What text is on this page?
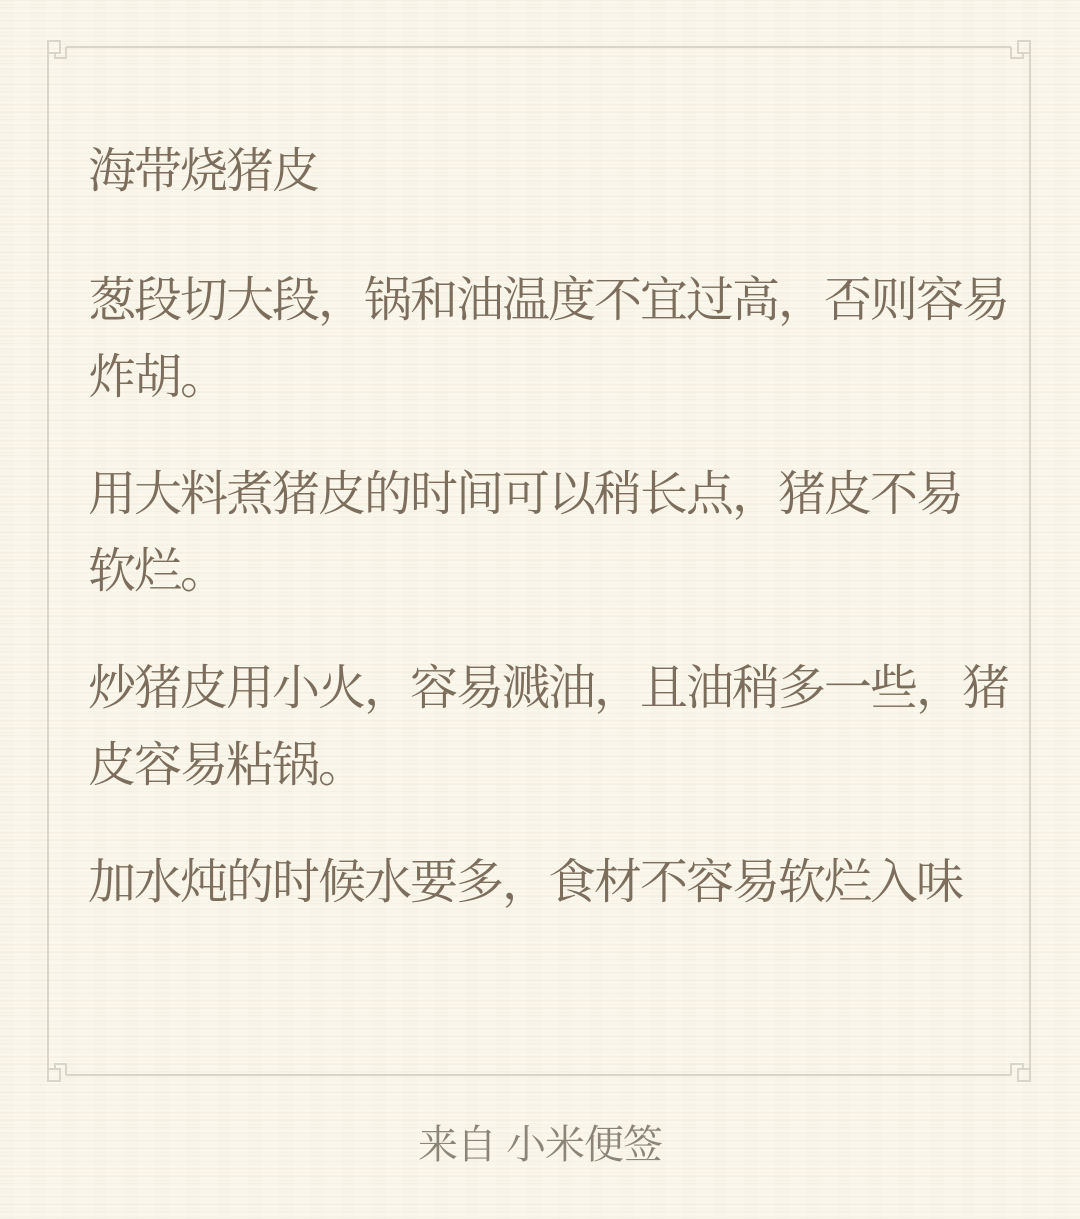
海带烧猪皮

葱段切大段，锅和油温度不宜过高，否则容易
炸胡。

用大料煮猪皮的时间可以稍长点，猪皮不易
软烂。

炒猪皮用小火，容易溅油，且油稍多一些，猪
皮容易粘锅。

加水炖的时候水要多，食材不容易软烂入味

来自 小米便签
